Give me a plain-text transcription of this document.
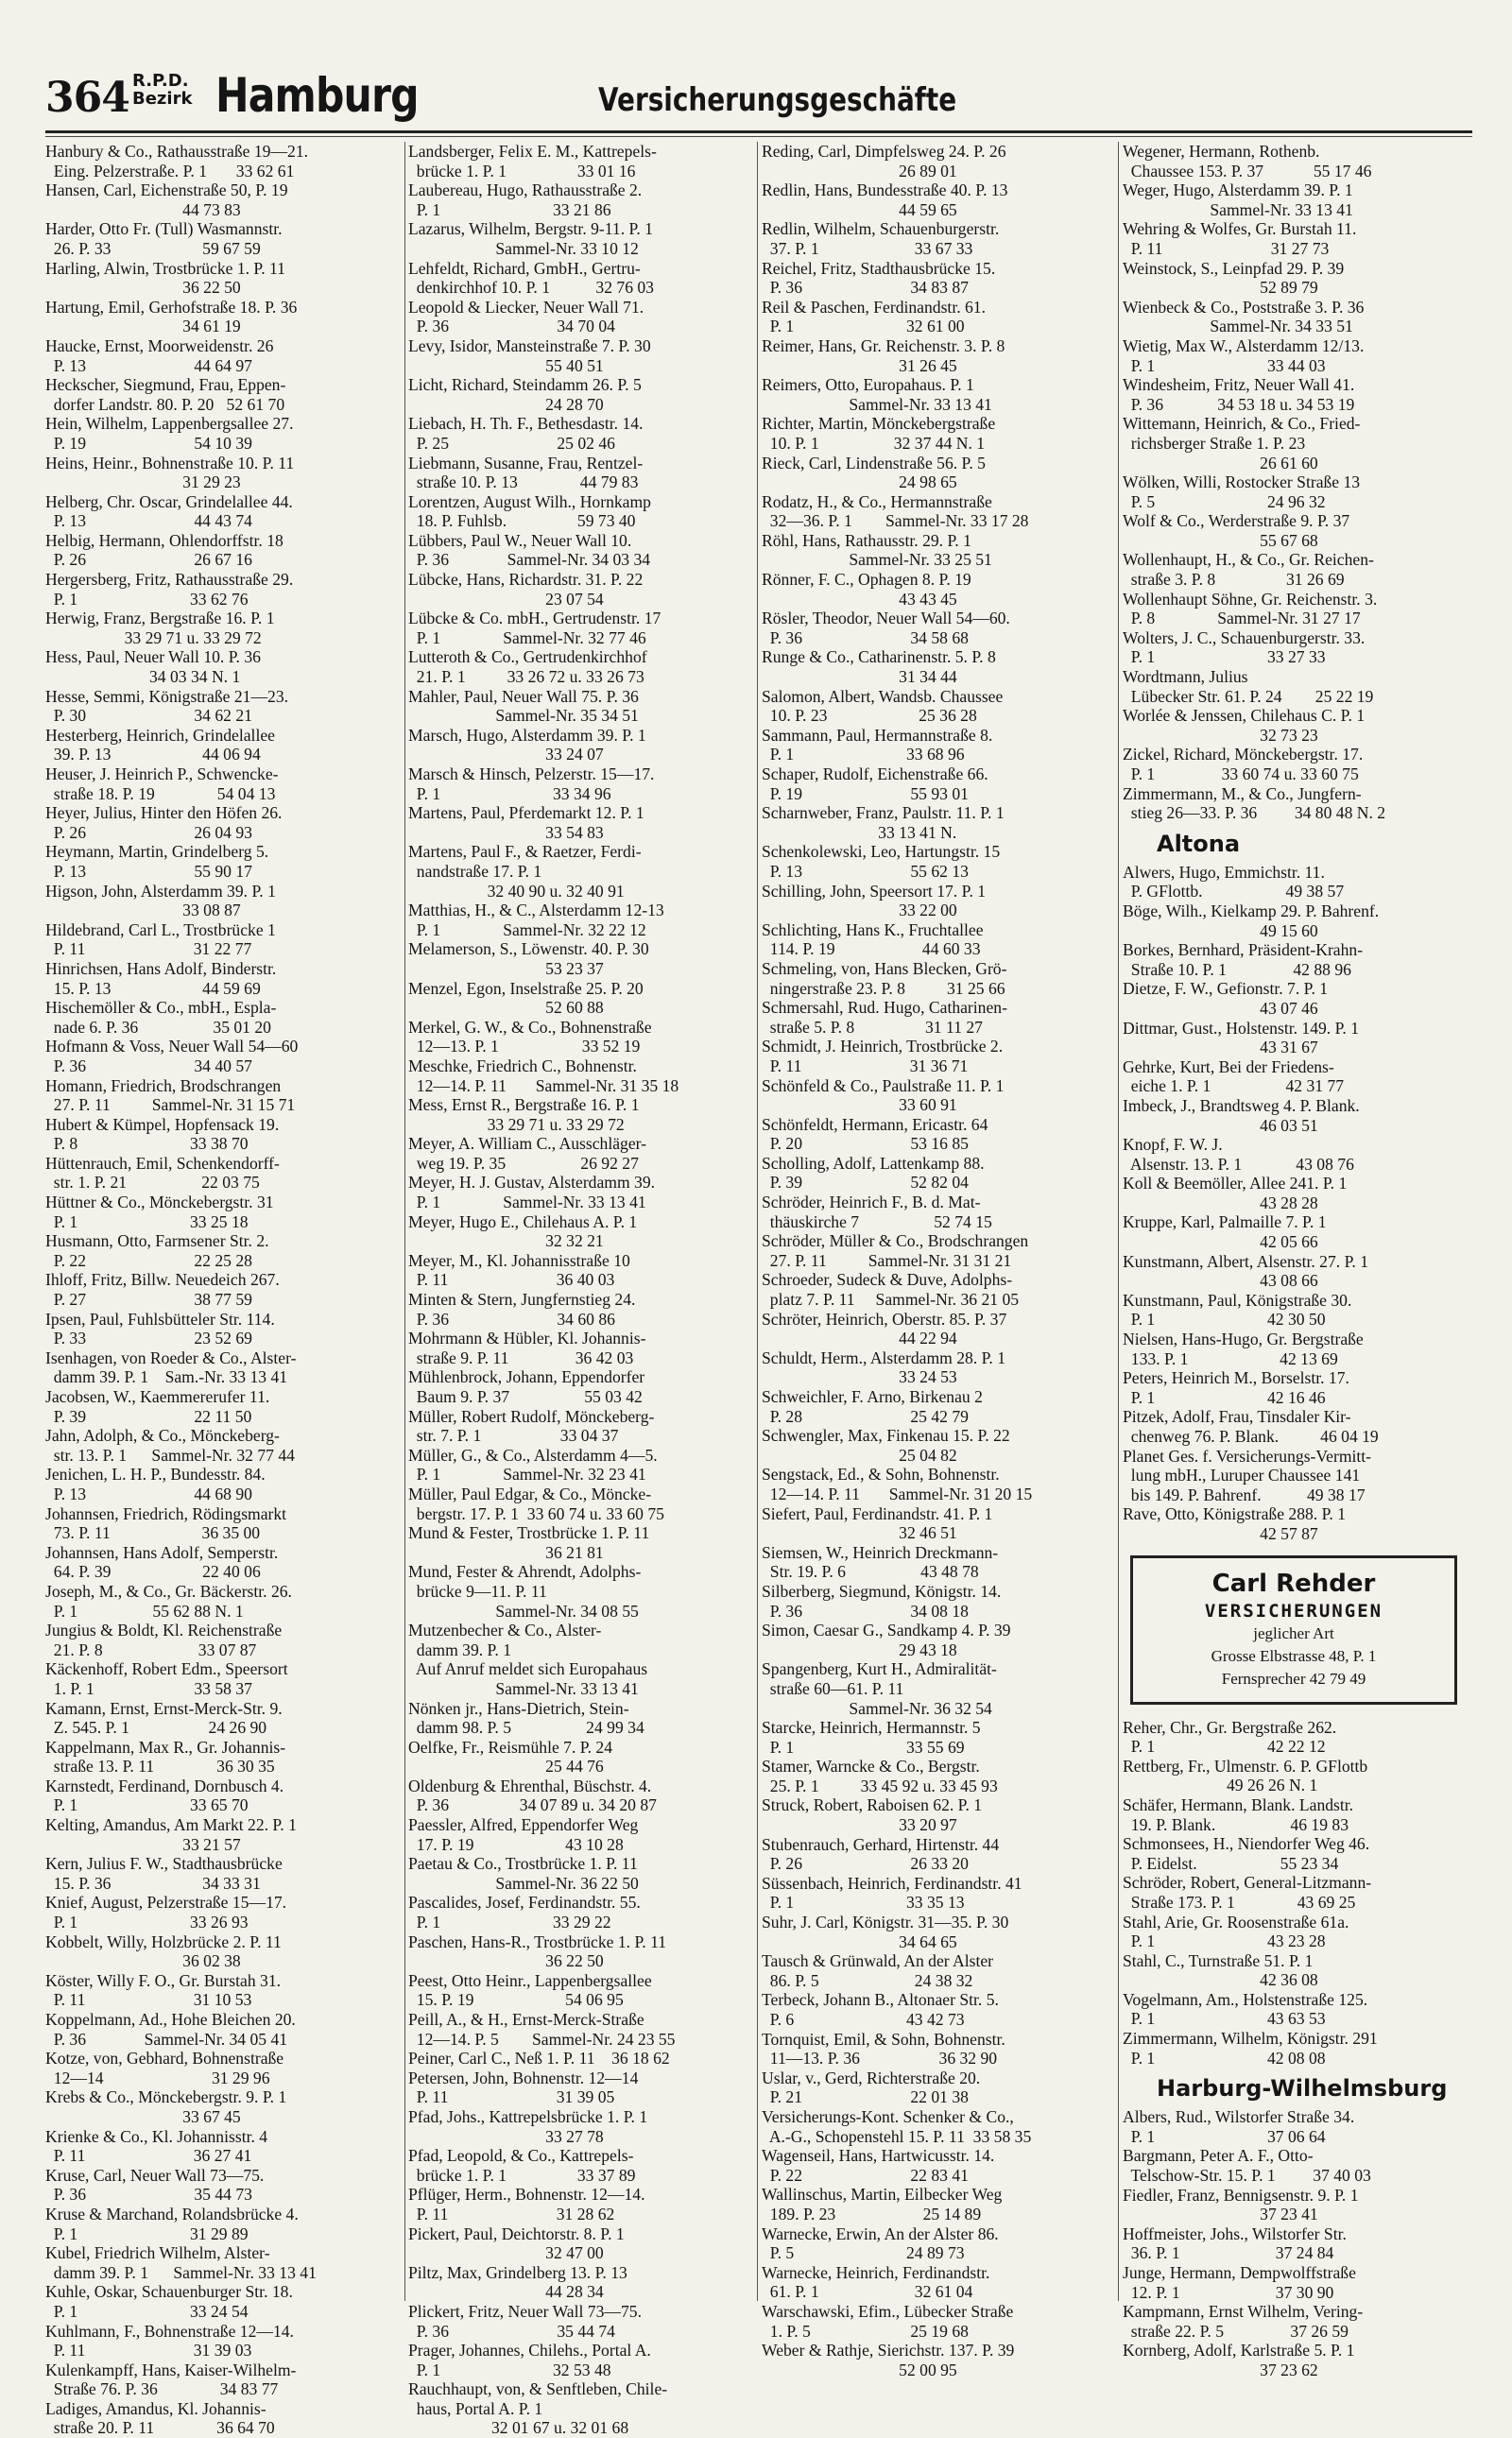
364 R.P.D.
Bezirk Hamburg	Versicherungsgeschäfte
Hanbury & Co., Rathausstraße 19—21.
Eing. Pelzerstraße. P. 1       33 62 61
Hansen, Carl, Eichenstraße 50, P. 19
44 73 83
Harder, Otto Fr. (Tull) Wasmannstr.
26. P. 33                      59 67 59
Harling, Alwin, Trostbrücke 1. P. 11
36 22 50
Hartung, Emil, Gerhofstraße 18. P. 36
34 61 19
Haucke, Ernst, Moorweidenstr. 26
P. 13                          44 64 97
Heckscher, Siegmund, Frau, Eppen-
dorfer Landstr. 80. P. 20   52 61 70
Hein, Wilhelm, Lappenbergsallee 27.
P. 19                          54 10 39
Heins, Heinr., Bohnenstraße 10. P. 11
31 29 23
Helberg, Chr. Oscar, Grindelallee 44.
P. 13                          44 43 74
Helbig, Hermann, Ohlendorffstr. 18
P. 26                          26 67 16
Hergersberg, Fritz, Rathausstraße 29.
P. 1                           33 62 76
Herwig, Franz, Bergstraße 16. P. 1
33 29 71 u. 33 29 72
Hess, Paul, Neuer Wall 10. P. 36
34 03 34 N. 1
Hesse, Semmi, Königstraße 21—23.
P. 30                          34 62 21
Hesterberg, Heinrich, Grindelallee
39. P. 13                      44 06 94
Heuser, J. Heinrich P., Schwencke-
straße 18. P. 19               54 04 13
Heyer, Julius, Hinter den Höfen 26.
P. 26                          26 04 93
Heymann, Martin, Grindelberg 5.
P. 13                          55 90 17
Higson, John, Alsterdamm 39. P. 1
33 08 87
Hildebrand, Carl L., Trostbrücke 1
P. 11                          31 22 77
Hinrichsen, Hans Adolf, Binderstr.
15. P. 13                      44 59 69
Hischemöller & Co., mbH., Espla-
nade 6. P. 36                  35 01 20
Hofmann & Voss, Neuer Wall 54—60
P. 36                          34 40 57
Homann, Friedrich, Brodschrangen
27. P. 11          Sammel-Nr. 31 15 71
Hubert & Kümpel, Hopfensack 19.
P. 8                           33 38 70
Hüttenrauch, Emil, Schenkendorff-
str. 1. P. 21                  22 03 75
Hüttner & Co., Mönckebergstr. 31
P. 1                           33 25 18
Husmann, Otto, Farmsener Str. 2.
P. 22                          22 25 28
Ihloff, Fritz, Billw. Neuedeich 267.
P. 27                          38 77 59
Ipsen, Paul, Fuhlsbütteler Str. 114.
P. 33                          23 52 69
Isenhagen, von Roeder & Co., Alster-
damm 39. P. 1    Sam.-Nr. 33 13 41
Jacobsen, W., Kaemmererufer 11.
P. 39                          22 11 50
Jahn, Adolph, & Co., Mönckeberg-
str. 13. P. 1      Sammel-Nr. 32 77 44
Jenichen, L. H. P., Bundesstr. 84.
P. 13                          44 68 90
Johannsen, Friedrich, Rödingsmarkt
73. P. 11                      36 35 00
Johannsen, Hans Adolf, Semperstr.
64. P. 39                      22 40 06
Joseph, M., & Co., Gr. Bäckerstr. 26.
P. 1                  55 62 88 N. 1
Jungius & Boldt, Kl. Reichenstraße
21. P. 8                       33 07 87
Käckenhoff, Robert Edm., Speersort
1. P. 1                        33 58 37
Kamann, Ernst, Ernst-Merck-Str. 9.
Z. 545. P. 1                   24 26 90
Kappelmann, Max R., Gr. Johannis-
straße 13. P. 11               36 30 35
Karnstedt, Ferdinand, Dornbusch 4.
P. 1                           33 65 70
Kelting, Amandus, Am Markt 22. P. 1
33 21 57
Kern, Julius F. W., Stadthausbrücke
15. P. 36                      34 33 31
Knief, August, Pelzerstraße 15—17.
P. 1                           33 26 93
Kobbelt, Willy, Holzbrücke 2. P. 11
36 02 38
Köster, Willy F. O., Gr. Burstah 31.
P. 11                          31 10 53
Koppelmann, Ad., Hohe Bleichen 20.
P. 36              Sammel-Nr. 34 05 41
Kotze, von, Gebhard, Bohnenstraße
12—14                          31 29 96
Krebs & Co., Mönckebergstr. 9. P. 1
33 67 45
Krienke & Co., Kl. Johannisstr. 4
P. 11                          36 27 41
Kruse, Carl, Neuer Wall 73—75.
P. 36                          35 44 73
Kruse & Marchand, Rolandsbrücke 4.
P. 1                           31 29 89
Kubel, Friedrich Wilhelm, Alster-
damm 39. P. 1      Sammel-Nr. 33 13 41
Kuhle, Oskar, Schauenburger Str. 18.
P. 1                           33 24 54
Kuhlmann, F., Bohnenstraße 12—14.
P. 11                          31 39 03
Kulenkampff, Hans, Kaiser-Wilhelm-
Straße 76. P. 36               34 83 77
Ladiges, Amandus, Kl. Johannis-
straße 20. P. 11               36 64 70
Landsberger, Felix E. M., Kattrepels-
brücke 1. P. 1                 33 01 16
Laubereau, Hugo, Rathausstraße 2.
P. 1                           33 21 86
Lazarus, Wilhelm, Bergstr. 9-11. P. 1
Sammel-Nr. 33 10 12
Lehfeldt, Richard, GmbH., Gertru-
denkirchhof 10. P. 1           32 76 03
Leopold & Liecker, Neuer Wall 71.
P. 36                          34 70 04
Levy, Isidor, Mansteinstraße 7. P. 30
55 40 51
Licht, Richard, Steindamm 26. P. 5
24 28 70
Liebach, H. Th. F., Bethesdastr. 14.
P. 25                          25 02 46
Liebmann, Susanne, Frau, Rentzel-
straße 10. P. 13               44 79 83
Lorentzen, August Wilh., Hornkamp
18. P. Fuhlsb.                 59 73 40
Lübbers, Paul W., Neuer Wall 10.
P. 36              Sammel-Nr. 34 03 34
Lübcke, Hans, Richardstr. 31. P. 22
23 07 54
Lübcke & Co. mbH., Gertrudenstr. 17
P. 1               Sammel-Nr. 32 77 46
Lutteroth & Co., Gertrudenkirchhof
21. P. 1          33 26 72 u. 33 26 73
Mahler, Paul, Neuer Wall 75. P. 36
Sammel-Nr. 35 34 51
Marsch, Hugo, Alsterdamm 39. P. 1
33 24 07
Marsch & Hinsch, Pelzerstr. 15—17.
P. 1                           33 34 96
Martens, Paul, Pferdemarkt 12. P. 1
33 54 83
Martens, Paul F., & Raetzer, Ferdi-
nandstraße 17. P. 1
32 40 90 u. 32 40 91
Matthias, H., & C., Alsterdamm 12-13
P. 1               Sammel-Nr. 32 22 12
Melamerson, S., Löwenstr. 40. P. 30
53 23 37
Menzel, Egon, Inselstraße 25. P. 20
52 60 88
Merkel, G. W., & Co., Bohnenstraße
12—13. P. 1                    33 52 19
Meschke, Friedrich C., Bohnenstr.
12—14. P. 11       Sammel-Nr. 31 35 18
Mess, Ernst R., Bergstraße 16. P. 1
33 29 71 u. 33 29 72
Meyer, A. William C., Ausschläger-
weg 19. P. 35                  26 92 27
Meyer, H. J. Gustav, Alsterdamm 39.
P. 1               Sammel-Nr. 33 13 41
Meyer, Hugo E., Chilehaus A. P. 1
32 32 21
Meyer, M., Kl. Johannisstraße 10
P. 11                          36 40 03
Minten & Stern, Jungfernstieg 24.
P. 36                          34 60 86
Mohrmann & Hübler, Kl. Johannis-
straße 9. P. 11                36 42 03
Mühlenbrock, Johann, Eppendorfer
Baum 9. P. 37                  55 03 42
Müller, Robert Rudolf, Mönckeberg-
str. 7. P. 1                   33 04 37
Müller, G., & Co., Alsterdamm 4—5.
P. 1               Sammel-Nr. 32 23 41
Müller, Paul Edgar, & Co., Mönckе-
bergstr. 17. P. 1  33 60 74 u. 33 60 75
Mund & Fester, Trostbrücke 1. P. 11
36 21 81
Mund, Fester & Ahrendt, Adolphs-
brücke 9—11. P. 11
Sammel-Nr. 34 08 55
Mutzenbecher & Co., Alster-
damm 39. P. 1
Auf Anruf meldet sich Europahaus
Sammel-Nr. 33 13 41
Nönken jr., Hans-Dietrich, Stein-
damm 98. P. 5                  24 99 34
Oelfke, Fr., Reismühle 7. P. 24
25 44 76
Oldenburg & Ehrenthal, Büschstr. 4.
P. 36                 34 07 89 u. 34 20 87
Paessler, Alfred, Eppendorfer Weg
17. P. 19                      43 10 28
Paetau & Co., Trostbrücke 1. P. 11
Sammel-Nr. 36 22 50
Pascalides, Josef, Ferdinandstr. 55.
P. 1                           33 29 22
Paschen, Hans-R., Trostbrücke 1. P. 11
36 22 50
Peest, Otto Heinr., Lappenbergsallee
15. P. 19                      54 06 95
Peill, A., & H., Ernst-Merck-Straße
12—14. P. 5        Sammel-Nr. 24 23 55
Peiner, Carl C., Neß 1. P. 11    36 18 62
Petersen, John, Bohnenstr. 12—14
P. 11                          31 39 05
Pfad, Johs., Kattrepelsbrücke 1. P. 1
33 27 78
Pfad, Leopold, & Co., Kattrepels-
brücke 1. P. 1                 33 37 89
Pflüger, Herm., Bohnenstr. 12—14.
P. 11                          31 28 62
Pickert, Paul, Deichtorstr. 8. P. 1
32 47 00
Piltz, Max, Grindelberg 13. P. 13
44 28 34
Plickert, Fritz, Neuer Wall 73—75.
P. 36                          35 44 74
Prager, Johannes, Chilehs., Portal A.
P. 1                           32 53 48
Rauchhaupt, von, & Senftleben, Chile-
haus, Portal A. P. 1
32 01 67 u. 32 01 68
Reding, Carl, Dimpfelsweg 24. P. 26
26 89 01
Redlin, Hans, Bundesstraße 40. P. 13
44 59 65
Redlin, Wilhelm, Schauenburgerstr.
37. P. 1                       33 67 33
Reichel, Fritz, Stadthausbrücke 15.
P. 36                          34 83 87
Reil & Paschen, Ferdinandstr. 61.
P. 1                           32 61 00
Reimer, Hans, Gr. Reichenstr. 3. P. 8
31 26 45
Reimers, Otto, Europahaus. P. 1
Sammel-Nr. 33 13 41
Richter, Martin, Mönckebergstraße
10. P. 1                  32 37 44 N. 1
Rieck, Carl, Lindenstraße 56. P. 5
24 98 65
Rodatz, H., & Co., Hermannstraße
32—36. P. 1        Sammel-Nr. 33 17 28
Röhl, Hans, Rathausstr. 29. P. 1
Sammel-Nr. 33 25 51
Rönner, F. C., Ophagen 8. P. 19
43 43 45
Rösler, Theodor, Neuer Wall 54—60.
P. 36                          34 58 68
Runge & Co., Catharinenstr. 5. P. 8
31 34 44
Salomon, Albert, Wandsb. Chaussee
10. P. 23                      25 36 28
Sammann, Paul, Hermannstraße 8.
P. 1                           33 68 96
Schaper, Rudolf, Eichenstraße 66.
P. 19                          55 93 01
Scharnweber, Franz, Paulstr. 11. P. 1
33 13 41 N.
Schenkolewski, Leo, Hartungstr. 15
P. 13                          55 62 13
Schilling, John, Speersort 17. P. 1
33 22 00
Schlichting, Hans K., Fruchtallee
114. P. 19                     44 60 33
Schmeling, von, Hans Blecken, Grö-
ningerstraße 23. P. 8          31 25 66
Schmersahl, Rud. Hugo, Catharinen-
straße 5. P. 8                 31 11 27
Schmidt, J. Heinrich, Trostbrücke 2.
P. 11                          31 36 71
Schönfeld & Co., Paulstraße 11. P. 1
33 60 91
Schönfeldt, Hermann, Ericastr. 64
P. 20                          53 16 85
Scholling, Adolf, Lattenkamp 88.
P. 39                          52 82 04
Schröder, Heinrich F., B. d. Mat-
thäuskirche 7                  52 74 15
Schröder, Müller & Co., Brodschrangen
27. P. 11          Sammel-Nr. 31 31 21
Schroeder, Sudeck & Duve, Adolphs-
platz 7. P. 11     Sammel-Nr. 36 21 05
Schröter, Heinrich, Oberstr. 85. P. 37
44 22 94
Schuldt, Herm., Alsterdamm 28. P. 1
33 24 53
Schweichler, F. Arno, Birkenau 2
P. 28                          25 42 79
Schwengler, Max, Finkenau 15. P. 22
25 04 82
Sengstack, Ed., & Sohn, Bohnenstr.
12—14. P. 11       Sammel-Nr. 31 20 15
Siefert, Paul, Ferdinandstr. 41. P. 1
32 46 51
Siemsen, W., Heinrich Dreckmann-
Str. 19. P. 6                  43 48 78
Silberberg, Siegmund, Königstr. 14.
P. 36                          34 08 18
Simon, Caesar G., Sandkamp 4. P. 39
29 43 18
Spangenberg, Kurt H., Admiralität-
straße 60—61. P. 11
Sammel-Nr. 36 32 54
Starcke, Heinrich, Hermannstr. 5
P. 1                           33 55 69
Stamer, Warncke & Co., Bergstr.
25. P. 1          33 45 92 u. 33 45 93
Struck, Robert, Raboisen 62. P. 1
33 20 97
Stubenrauch, Gerhard, Hirtenstr. 44
P. 26                          26 33 20
Süssenbach, Heinrich, Ferdinandstr. 41
P. 1                           33 35 13
Suhr, J. Carl, Königstr. 31—35. P. 30
34 64 65
Tausch & Grünwald, An der Alster
86. P. 5                       24 38 32
Terbeck, Johann B., Altonaer Str. 5.
P. 6                           43 42 73
Tornquist, Emil, & Sohn, Bohnenstr.
11—13. P. 36                   36 32 90
Uslar, v., Gerd, Richterstraße 20.
P. 21                          22 01 38
Versicherungs-Kont. Schenker & Co.,
A.-G., Schopenstehl 15. P. 11  33 58 35
Wagenseil, Hans, Hartwicusstr. 14.
P. 22                          22 83 41
Wallinschus, Martin, Eilbecker Weg
189. P. 23                     25 14 89
Warnecke, Erwin, An der Alster 86.
P. 5                           24 89 73
Warnecke, Heinrich, Ferdinandstr.
61. P. 1                       32 61 04
Warschawski, Efim., Lübecker Straße
1. P. 5                        25 19 68
Weber & Rathje, Sierichstr. 137. P. 39
52 00 95
Wegener, Hermann, Rothenb.
Chaussee 153. P. 37            55 17 46
Weger, Hugo, Alsterdamm 39. P. 1
Sammel-Nr. 33 13 41
Wehring & Wolfes, Gr. Burstah 11.
P. 11                          31 27 73
Weinstock, S., Leinpfad 29. P. 39
52 89 79
Wienbeck & Co., Poststraße 3. P. 36
Sammel-Nr. 34 33 51
Wietig, Max W., Alsterdamm 12/13.
P. 1                           33 44 03
Windesheim, Fritz, Neuer Wall 41.
P. 36             34 53 18 u. 34 53 19
Wittemann, Heinrich, & Co., Fried-
richsberger Straße 1. P. 23
26 61 60
Wölken, Willi, Rostocker Straße 13
P. 5                           24 96 32
Wolf & Co., Werderstraße 9. P. 37
55 67 68
Wollenhaupt, H., & Co., Gr. Reichen-
straße 3. P. 8                 31 26 69
Wollenhaupt Söhne, Gr. Reichenstr. 3.
P. 8               Sammel-Nr. 31 27 17
Wolters, J. C., Schauenburgerstr. 33.
P. 1                           33 27 33
Wordtmann, Julius
Lübecker Str. 61. P. 24        25 22 19
Worlée & Jenssen, Chilehaus C. P. 1
32 73 23
Zickel, Richard, Mönckebergstr. 17.
P. 1                33 60 74 u. 33 60 75
Zimmermann, M., & Co., Jungfern-
stieg 26—33. P. 36         34 80 48 N. 2
Altona
Alwers, Hugo, Emmichstr. 11.
P. GFlottb.                    49 38 57
Böge, Wilh., Kielkamp 29. P. Bahrenf.
49 15 60
Borkes, Bernhard, Präsident-Krahn-
Straße 10. P. 1                42 88 96
Dietze, F. W., Gefionstr. 7. P. 1
43 07 46
Dittmar, Gust., Holstenstr. 149. P. 1
43 31 67
Gehrke, Kurt, Bei der Friedens-
eiche 1. P. 1                  42 31 77
Imbeck, J., Brandtsweg 4. P. Blank.
46 03 51
Knopf, F. W. J.
Alsenstr. 13. P. 1             43 08 76
Koll & Beemöller, Allee 241. P. 1
43 28 28
Kruppe, Karl, Palmaille 7. P. 1
42 05 66
Kunstmann, Albert, Alsenstr. 27. P. 1
43 08 66
Kunstmann, Paul, Königstraße 30.
P. 1                           42 30 50
Nielsen, Hans-Hugo, Gr. Bergstraße
133. P. 1                      42 13 69
Peters, Heinrich M., Borselstr. 17.
P. 1                           42 16 46
Pitzek, Adolf, Frau, Tinsdaler Kir-
chenweg 76. P. Blank.          46 04 19
Planet Ges. f. Versicherungs-Vermitt-
lung mbH., Luruper Chaussee 141
bis 149. P. Bahrenf.           49 38 17
Rave, Otto, Königstraße 288. P. 1
42 57 87
Carl Rehder
VERSICHERUNGEN
jeglicher Art
Grosse Elbstrasse 48, P. 1
Fernsprecher 42 79 49
Reher, Chr., Gr. Bergstraße 262.
P. 1                           42 22 12
Rettberg, Fr., Ulmenstr. 6. P. GFlottb
49 26 26 N. 1
Schäfer, Hermann, Blank. Landstr.
19. P. Blank.                  46 19 83
Schmonsees, H., Niendorfer Weg 46.
P. Eidelst.                    55 23 34
Schröder, Robert, General-Litzmann-
Straße 173. P. 1               43 69 25
Stahl, Arie, Gr. Roosenstraße 61a.
P. 1                           43 23 28
Stahl, C., Turnstraße 51. P. 1
42 36 08
Vogelmann, Am., Holstenstraße 125.
P. 1                           43 63 53
Zimmermann, Wilhelm, Königstr. 291
P. 1                           42 08 08
Harburg-Wilhelmsburg
Albers, Rud., Wilstorfer Straße 34.
P. 1                           37 06 64
Bargmann, Peter A. F., Otto-
Telschow-Str. 15. P. 1         37 40 03
Fiedler, Franz, Bennigsenstr. 9. P. 1
37 23 41
Hoffmeister, Johs., Wilstorfer Str.
36. P. 1                       37 24 84
Junge, Hermann, Dempwolffstraße
12. P. 1                       37 30 90
Kampmann, Ernst Wilhelm, Vering-
straße 22. P. 5                37 26 59
Kornberg, Adolf, Karlstraße 5. P. 1
37 23 62
